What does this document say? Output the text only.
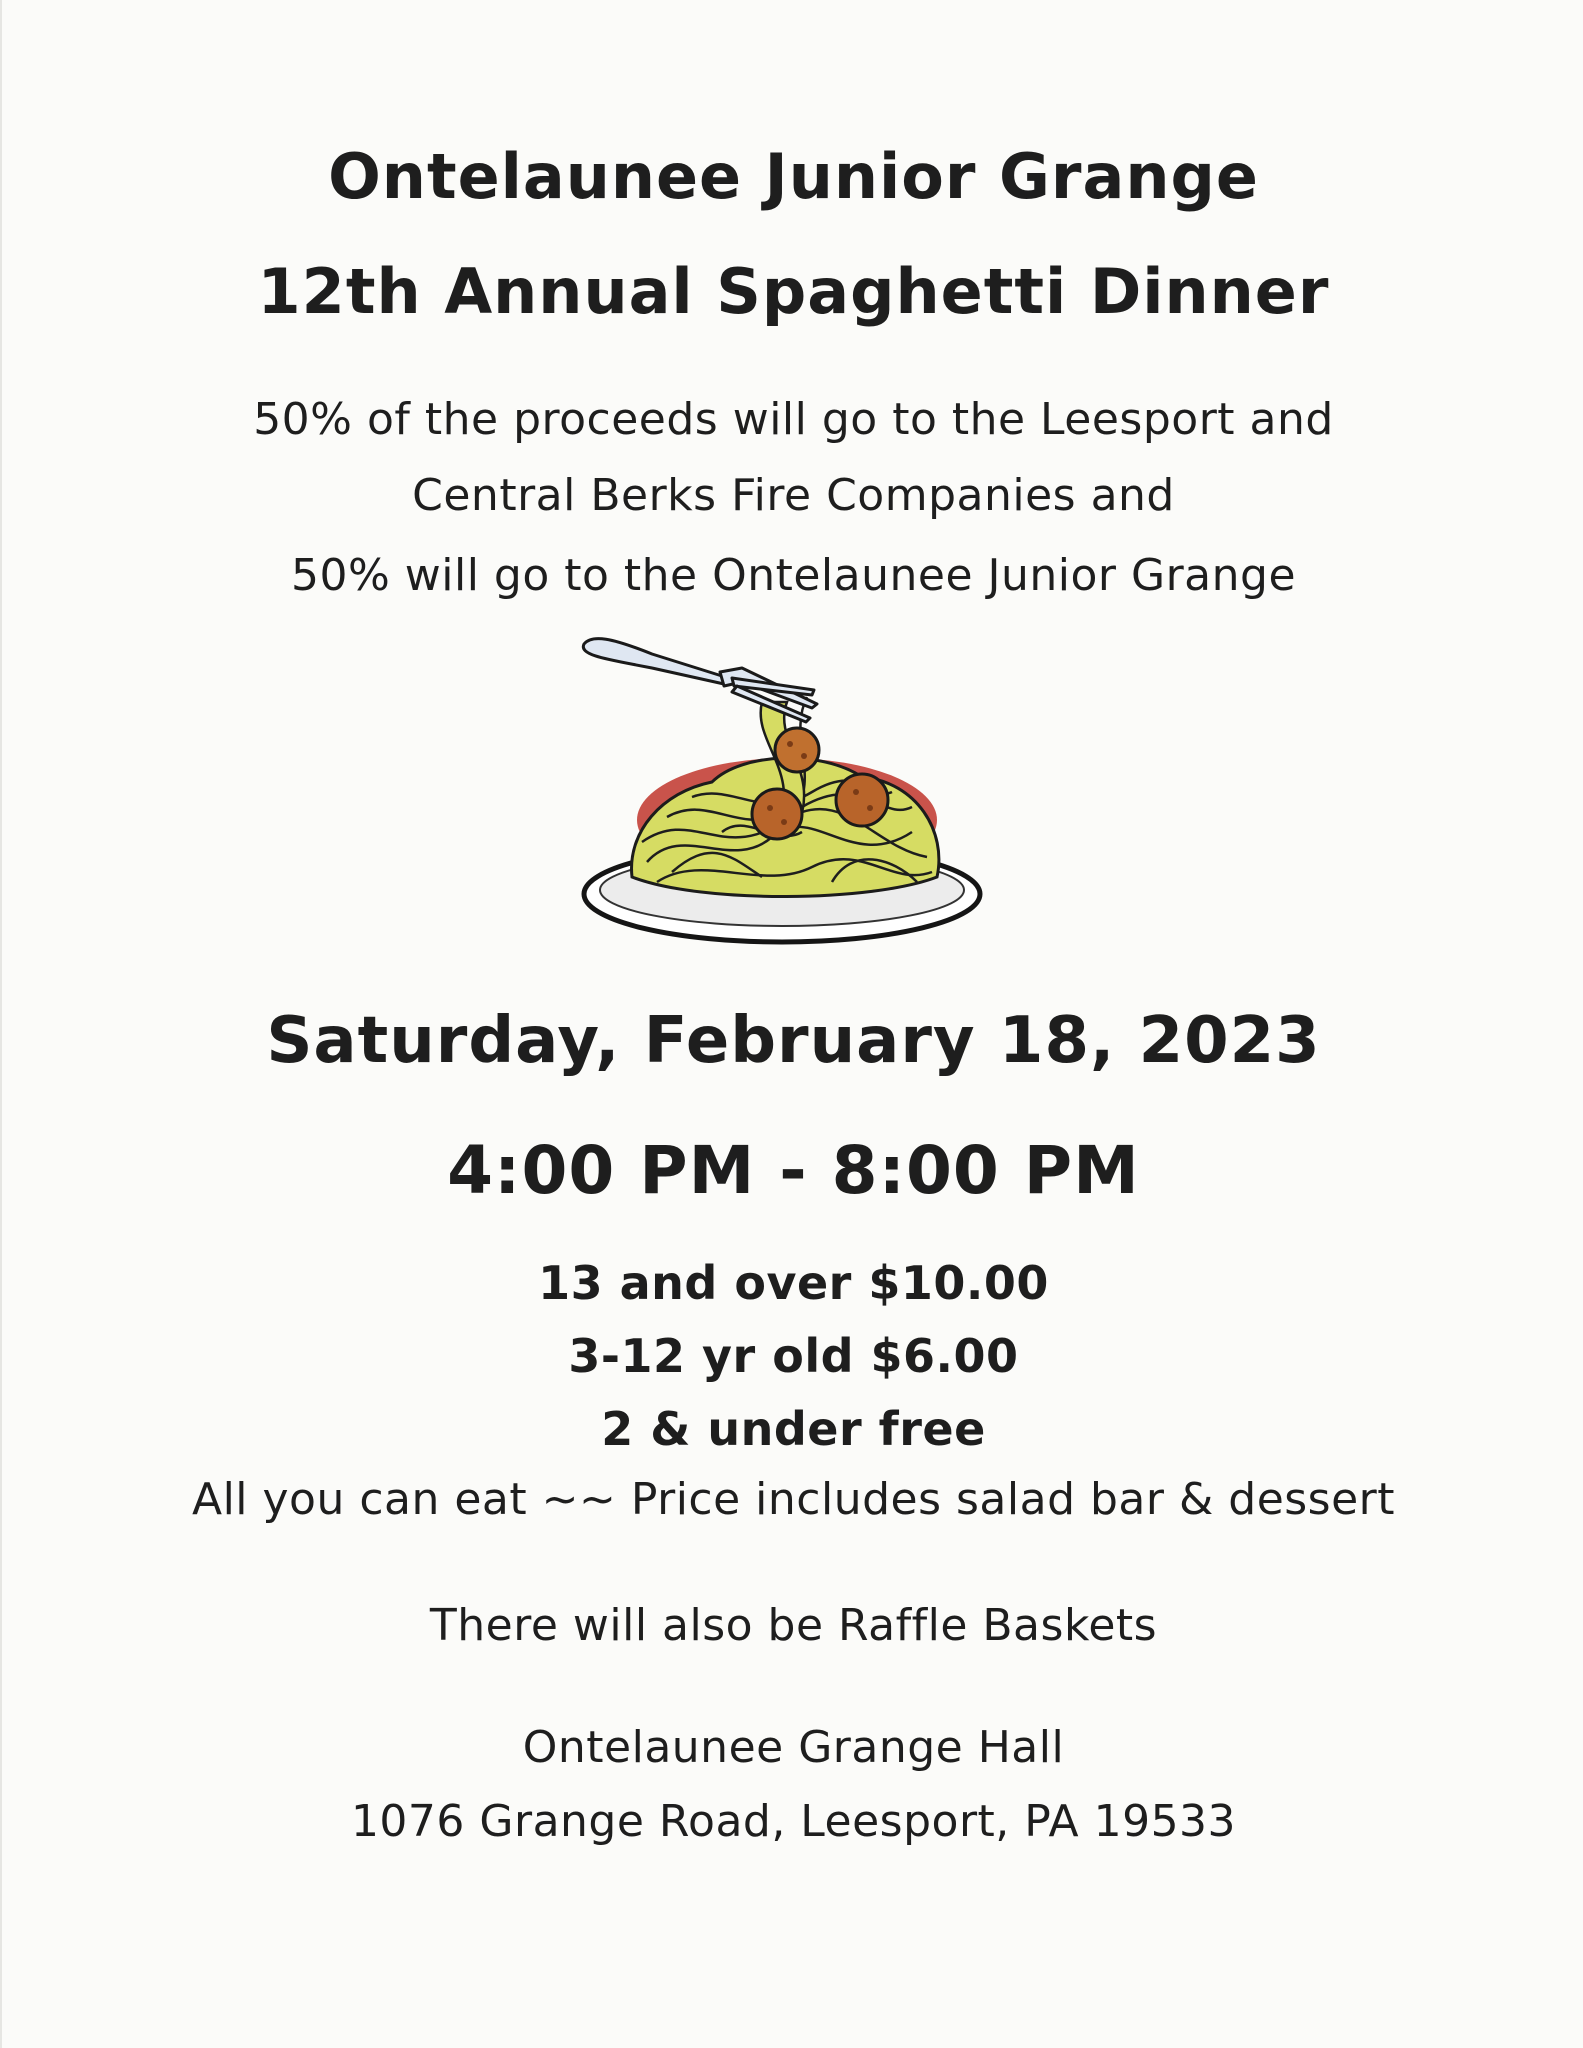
Ontelaunee Junior Grange
12th Annual Spaghetti Dinner

50% of the proceeds will go to the Leesport and

Central Berks Fire Companies and

50% will go to the Ontelaunee Junior Grange

Saturday, February 18, 2023
4:00 PM - 8:00 PM

13 and over $10.00

3-12 yr old $6.00

2 & under free

All you can eat ~~ Price includes salad bar & dessert

There will also be Raffle Baskets

Ontelaunee Grange Hall

1076 Grange Road, Leesport, PA 19533
